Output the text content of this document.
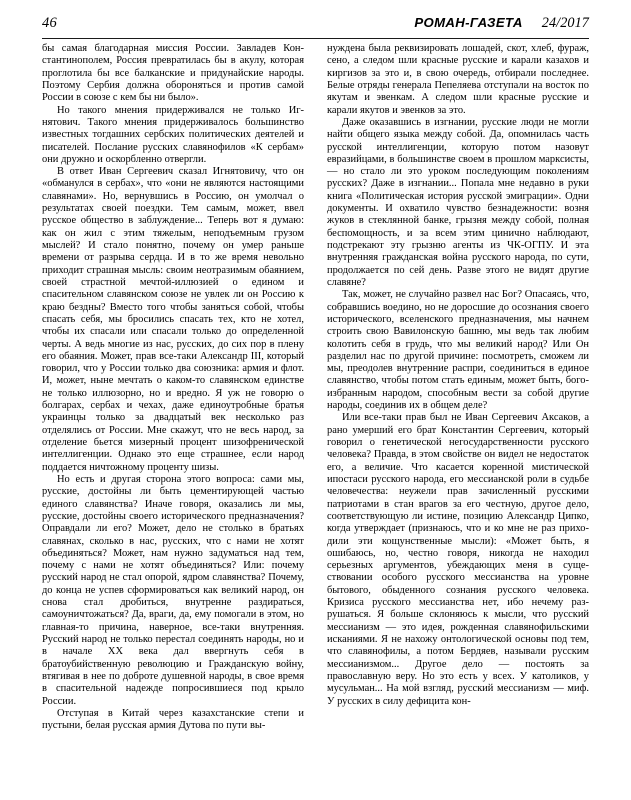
46	РОМАН-ГАЗЕТА 24/2017

бы самая благодарная миссия России. Завладев Константинополем, Россия превратилась бы в акулу, которая проглотила бы все балканские и придунайские народы. Поэтому Сербия должна обороняться и против самой России в союзе с кем бы ни было».

Но такого мнения придерживался не только Игнятович. Такого мнения придерживалось большинство известных тогдашних сербских политических деятелей и писателей. Послание русских славянофилов «К сербам» они дружно и оскорбленно отвергли.

В ответ Иван Сергеевич сказал Игнятовичу, что он «обманулся в сербах», что «они не являются настоящими славянами». Но, вернувшись в Россию, он умолчал о результатах своей поездки. Тем самым, может, ввел русское общество в заблуждение... Теперь вот я думаю: как он жил с этим тяжелым, неподъемным грузом мыслей? И стало понятно, почему он умер раньше времени от разрыва сердца. И в то же время невольно приходит страшная мысль: своим неотразимым обаянием, своей страстной мечтой-иллюзией о едином и спасительном славянском союзе не увлек ли он Россию к краю бездны? Вместо того чтобы заняться собой, чтобы спасать себя, мы бросились спасать тех, кто не хотел, чтобы их спасали или спасали только до определенной черты. А ведь многие из нас, русских, до сих пор в плену его обаяния. Может, прав все-таки Александр III, который говорил, что у России только два союзника: армия и флот. И, может, ныне мечтать о каком-то славянском единстве не только иллюзорно, но и вредно. Я уж не говорю о болгарах, сербах и чехах, даже единоутробные братья украинцы только за двадцатый век несколько раз отделялись от России. Мне скажут, что не весь народ, за отделение бьется мизерный процент шизофренической интеллигенции. Однако это еще страшнее, если народ поддается ничтожному проценту шизы.

Но есть и другая сторона этого вопроса: сами мы, русские, достойны ли быть цементирующей частью единого славянства? Иначе говоря, оказались ли мы, русские, достойны своего исторического предназначения? Оправдали ли его? Может, дело не столько в братьях славянах, сколько в нас, русских, что с нами не хотят объединяться? Может, нам нужно задуматься над тем, почему с нами не хотят объединяться? Или: почему русский народ не стал опорой, ядром славянства? Почему, до конца не успев сформироваться как великий народ, он снова стал дробиться, внутренне раздираться, самоуничтожаться? Да, враги, да, ему помогали в этом, но главная-то причина, наверное, все-таки внутренняя. Русский народ не только перестал соединять народы, но и в начале XX века дал ввергнуть себя в братоубийственную революцию и Гражданскую войну, втягивая в нее по доброте душевной народы, в свое время в спасительной надежде попросившиеся под крыло России.

Отступая в Китай через казахстанские степи и пустыни, белая русская армия Дутова по пути вы-

нуждена была реквизировать лошадей, скот, хлеб, фураж, сено, а следом шли красные русские и карали казахов и киргизов за это и, в свою очередь, отбирали последнее. Белые отряды генерала Пепеляева отступали на восток по якутам и эвенкам. А следом шли красные русские и карали якутов и эвенков за это.

Даже оказавшись в изгнании, русские люди не могли найти общего языка между собой. Да, опомнилась часть русской интеллигенции, которую потом назовут евразийцами, в большинстве своем в прошлом марксисты, — но стало ли это уроком последующим поколениям русских? Даже в изгнании... Попала мне недавно в руки книга «Политическая история русской эмиграции». Одни документы. И охватило чувство безнадежности: возня жуков в стеклянной банке, грызня между собой, полная беспомощность, и за всем этим цинично наблюдают, подстрекают эту грызню агенты из ЧК-ОГПУ. И эта внутренняя гражданская война русского народа, по сути, продолжается по сей день. Разве этого не видят другие славяне?

Так, может, не случайно развел нас Бог? Опасаясь, что, собравшись воедино, но не доросшие до осознания своего исторического, вселенского предназначения, мы начнем строить свою Вавилонскую башню, мы ведь так любим колотить себя в грудь, что мы великий народ? Или Он разделил нас по другой причине: посмотреть, сможем ли мы, преодолев внутренние распри, соединиться в единое славянство, чтобы потом стать единым, может быть, богоизбранным народом, способным вести за собой другие народы, соединив их в общем деле?

Или все-таки прав был не Иван Сергеевич Аксаков, а рано умерший его брат Константин Сергеевич, который говорил о генетической негосударственности русского человека? Правда, в этом свойстве он видел не недостаток его, а величие. Что касается коренной мистической ипостаси русского народа, его мессианской роли в судьбе человечества: неужели прав зачисленный русскими патриотами в стан врагов за его честную, другое дело, соответствующую ли истине, позицию Александр Ципко, когда утверждает (признаюсь, что и ко мне не раз приходили эти кощунственные мысли): «Может быть, я ошибаюсь, но, честно говоря, никогда не находил серьезных аргументов, убеждающих меня в существовании особого русского мессианства на уровне бытового, обыденного сознания русского человека. Кризиса русского мессианства нет, ибо нечему разрушаться. Я больше склоняюсь к мысли, что русский мессианизм — это идея, рожденная славянофильскими исканиями. Я не нахожу онтологической основы под тем, что славянофилы, а потом Бердяев, называли русским мессианизмом... Другое дело — постоять за православную веру. Но это есть у всех. У католиков, у мусульман... На мой взгляд, русский мессианизм — миф. У русских в силу дефицита кон-
